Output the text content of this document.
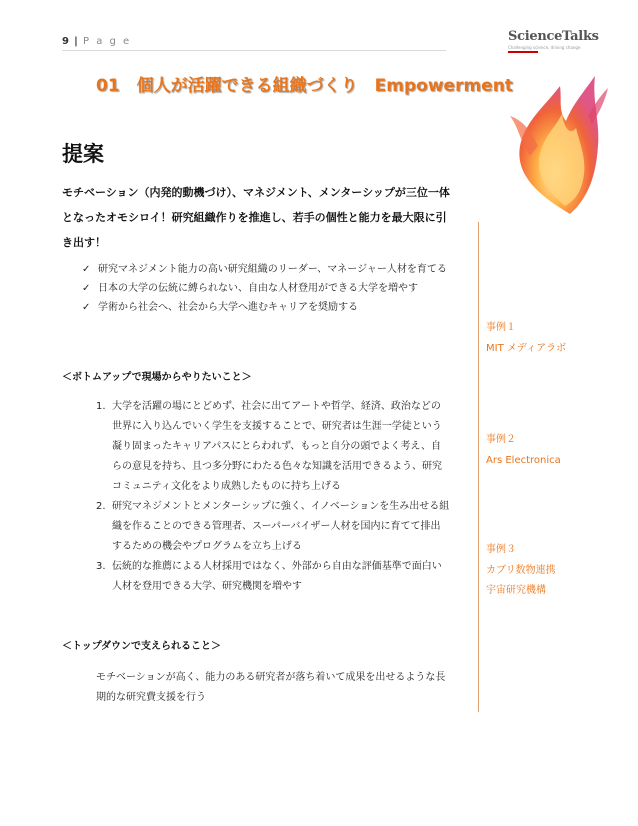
9 | P a g e	ScienceTalks
Challenging science, driving change
01　個人が活躍できる組織づくり　Empowerment
提案
モチベーション（内発的動機づけ）、マネジメント、メンターシップが三位一体となったオモシロイ！研究組織作りを推進し、若手の個性と能力を最大限に引き出す！
✓ 研究マネジメント能力の高い研究組織のリーダー、マネージャー人材を育てる
✓ 日本の大学の伝統に縛られない、自由な人材登用ができる大学を増やす
✓ 学術から社会へ、社会から大学へ進むキャリアを奨励する
＜ボトムアップで現場からやりたいこと＞
1. 大学を活躍の場にとどめず、社会に出てアートや哲学、経済、政治などの世界に入り込んでいく学生を支援することで、研究者は生涯一学徒という凝り固まったキャリアパスにとらわれず、もっと自分の頭でよく考え、自らの意見を持ち、且つ多分野にわたる色々な知識を活用できるよう、研究コミュニティ文化をより成熟したものに持ち上げる
2. 研究マネジメントとメンターシップに強く、イノベーションを生み出せる組織を作ることのできる管理者、スーパーバイザー人材を国内に育てて排出するための機会やプログラムを立ち上げる
3. 伝統的な推薦による人材採用ではなく、外部から自由な評価基準で面白い人材を登用できる大学、研究機関を増やす
＜トップダウンで支えられること＞
モチベーションが高く、能力のある研究者が落ち着いて成果を出せるような長期的な研究費支援を行う
事例１
MIT メディアラボ
事例２
Ars Electronica
事例３
カブリ数物連携
宇宙研究機構
